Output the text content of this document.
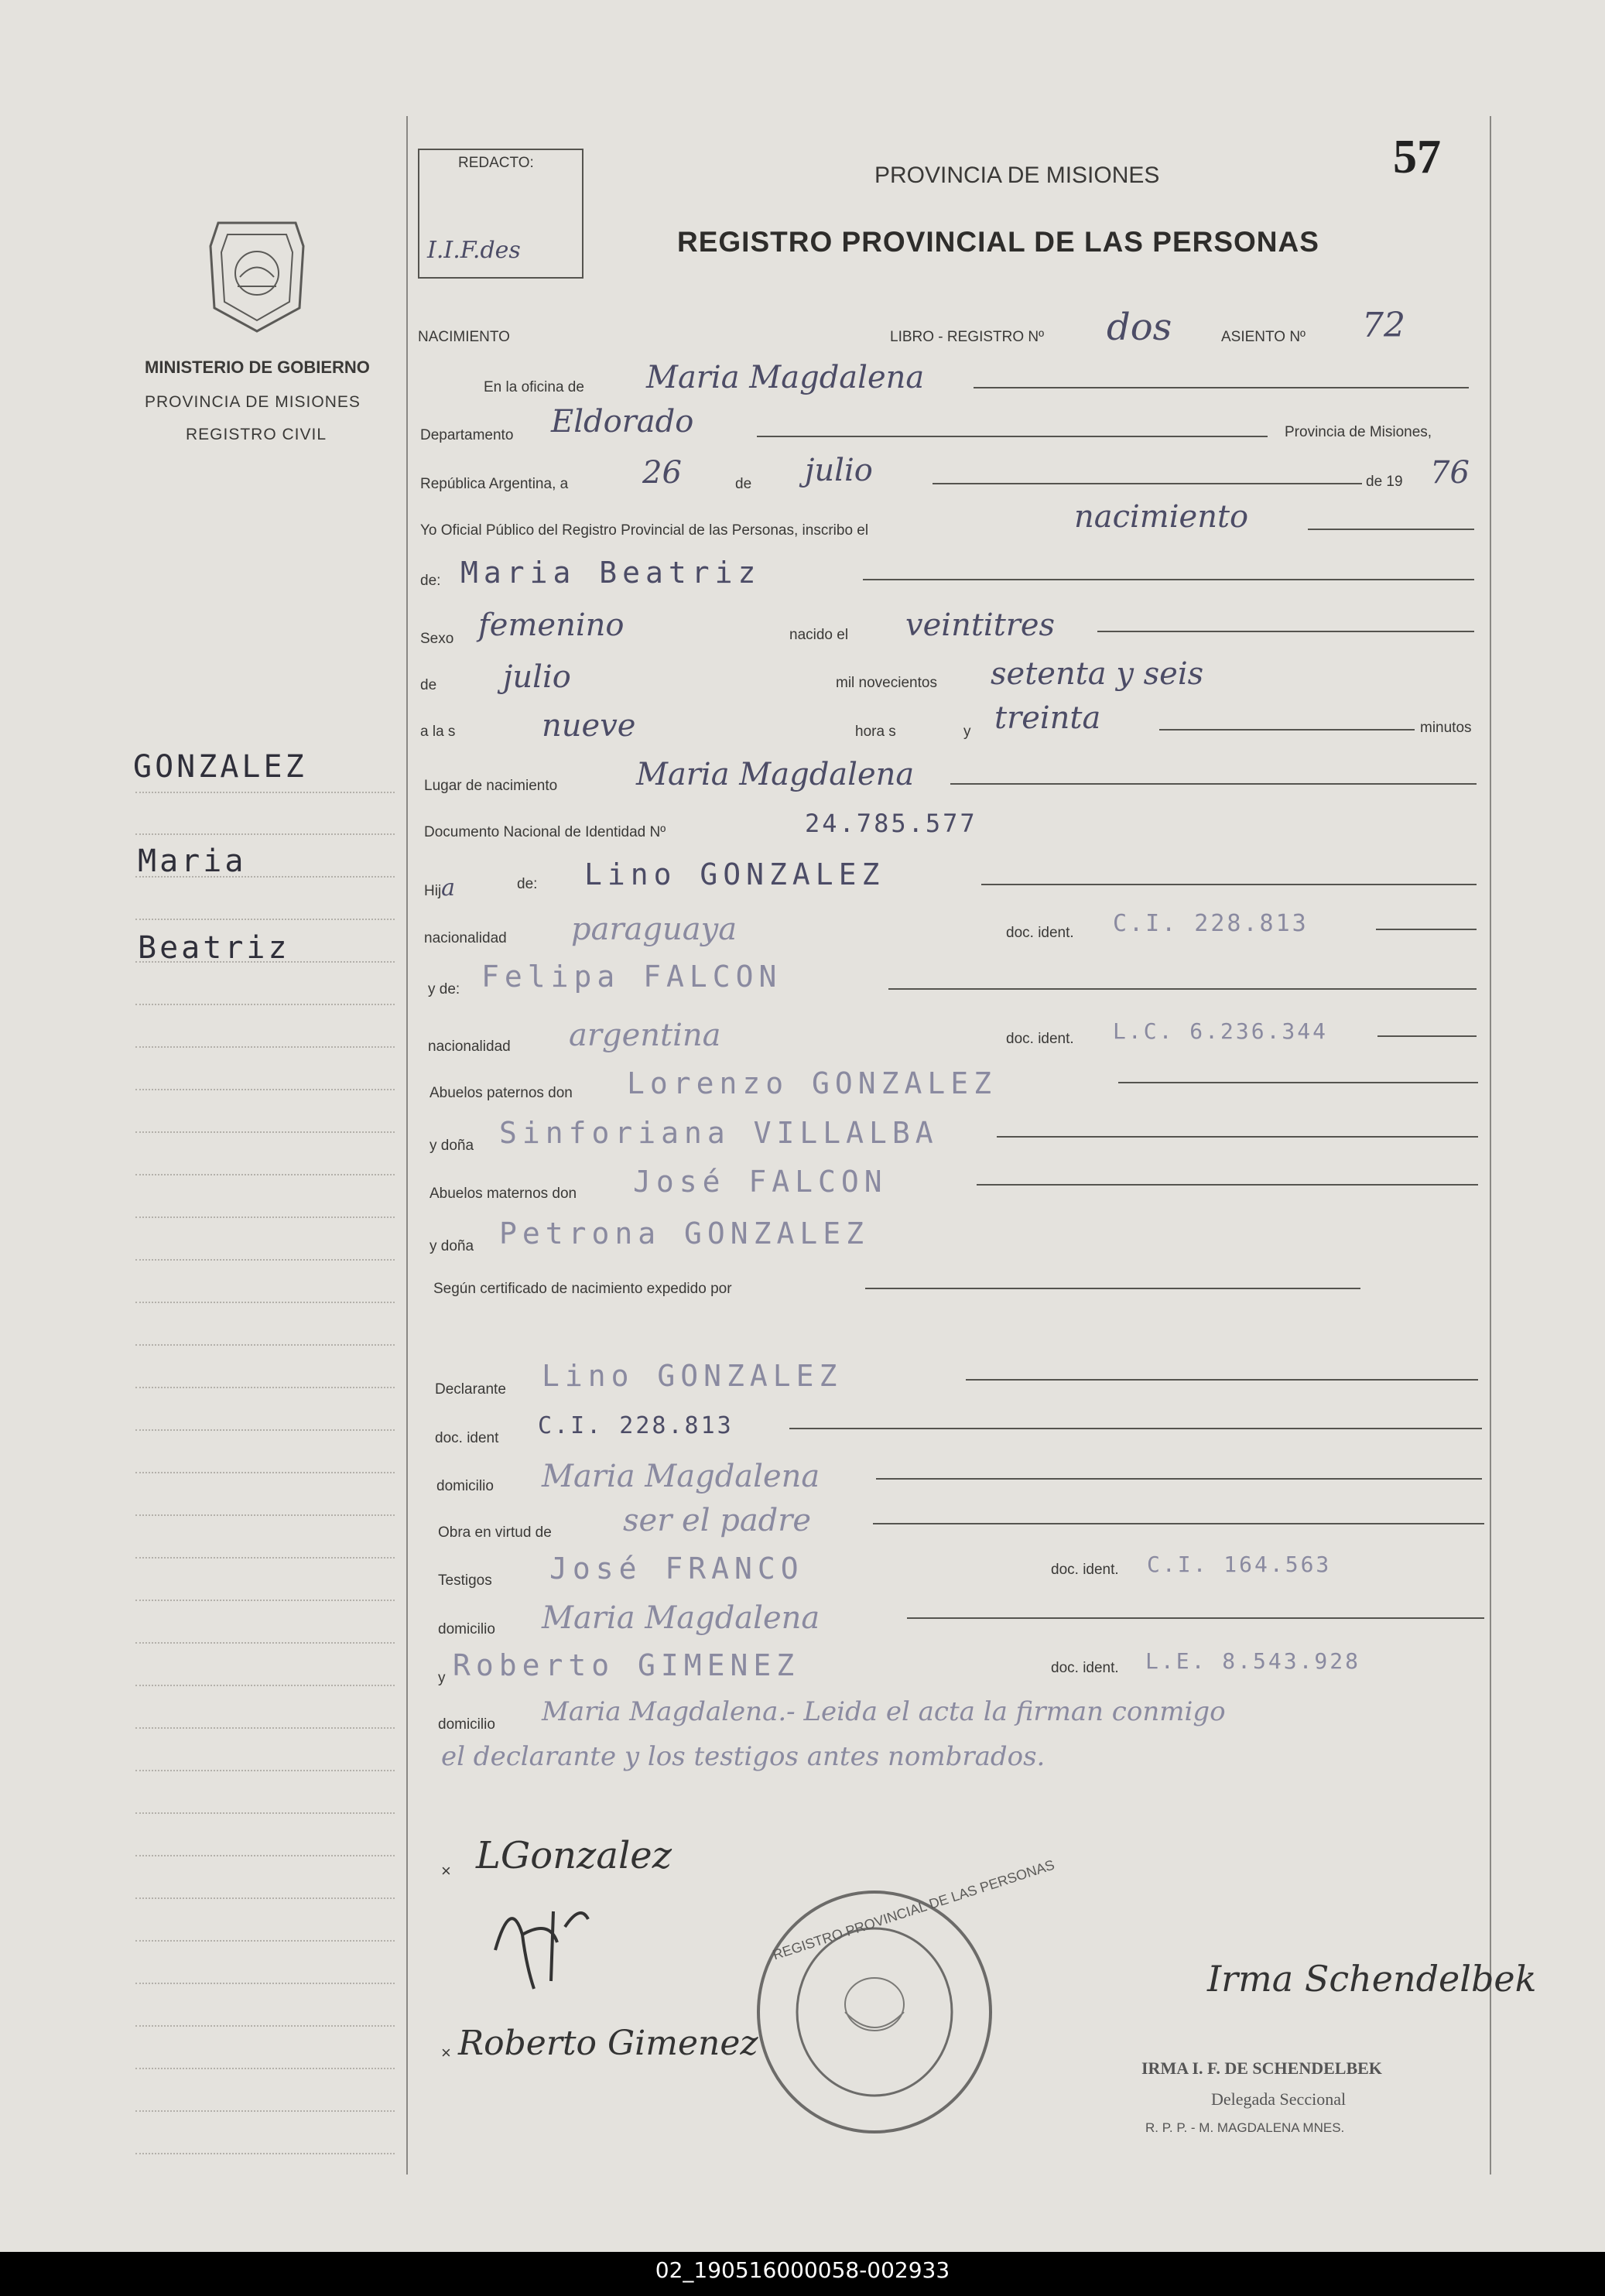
REDACTO:
I.I.F.des
PROVINCIA DE MISIONES	57
REGISTRO PROVINCIAL DE LAS PERSONAS
MINISTERIO DE GOBIERNO
PROVINCIA DE MISIONES
REGISTRO CIVIL
GONZALEZ
Maria
Beatriz
NACIMIENTO	LIBRO - REGISTRO Nº dos	ASIENTO Nº 72
En la oficina de Maria Magdalena
Departamento Eldorado	Provincia de Misiones,
República Argentina, a 26	de julio	de 19 76
Yo Oficial Público del Registro Provincial de las Personas, inscribo el	nacimiento
de: Maria Beatriz
Sexo femenino	nacido el veintitres
de julio	mil novecientos setenta y seis
a la s	nueve	hora s	y treinta	minutos
Lugar de nacimiento	Maria Magdalena
Documento Nacional de Identidad Nº	24.785.577
Hija	de: Lino GONZALEZ
nacionalidad paraguaya	doc. ident. C.I. 228.813
y de: Felipa FALCON
nacionalidad argentina	doc. ident. L.C. 6.236.344
Abuelos paternos don Lorenzo GONZALEZ
y doña Sinforiana VILLALBA
Abuelos maternos don José FALCON
y doña Petrona GONZALEZ
Según certificado de nacimiento expedido por
Declarante Lino GONZALEZ
doc. ident C.I. 228.813
domicilio Maria Magdalena
Obra en virtud de ser el padre
Testigos José FRANCO	doc. ident. C.I. 164.563
domicilio Maria Magdalena
y Roberto GIMENEZ	doc. ident. L.E. 8.543.928
domicilio Maria Magdalena.- Leida el acta la firman conmigo
el declarante y los testigos antes nombrados.
× LGonzalez
× Roberto Gimenez
REGISTRO PROVINCIAL DE LAS PERSONAS
Irma Schendelbek
IRMA I. F. DE SCHENDELBEK
Delegada Seccional
R. P. P. - M. MAGDALENA MNES.
02_190516000058-002933
